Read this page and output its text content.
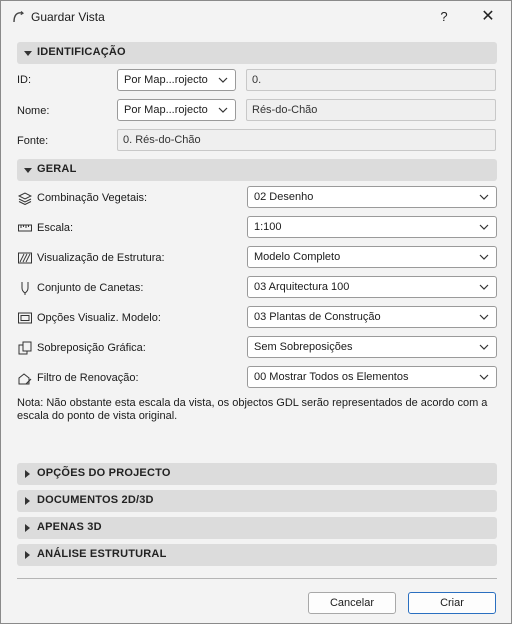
Guardar Vista	?	✕
IDENTIFICAÇÃO
ID:	Por Map...rojecto	0.
Nome:	Por Map...rojecto	Rés-do-Chão
Fonte:	0. Rés-do-Chão
GERAL
Combinação Vegetais:	02 Desenho
Escala:	1:100
Visualização de Estrutura:	Modelo Completo
Conjunto de Canetas:	03 Arquitectura 100
Opções Visualiz. Modelo:	03 Plantas de Construção
Sobreposição Gráfica:	Sem Sobreposições
Filtro de Renovação:	00 Mostrar Todos os Elementos
Nota: Não obstante esta escala da vista, os objectos GDL serão representados de acordo com a escala do ponto de vista original.
OPÇÕES DO PROJECTO
DOCUMENTOS 2D/3D
APENAS 3D
ANÁLISE ESTRUTURAL
Cancelar	Criar
